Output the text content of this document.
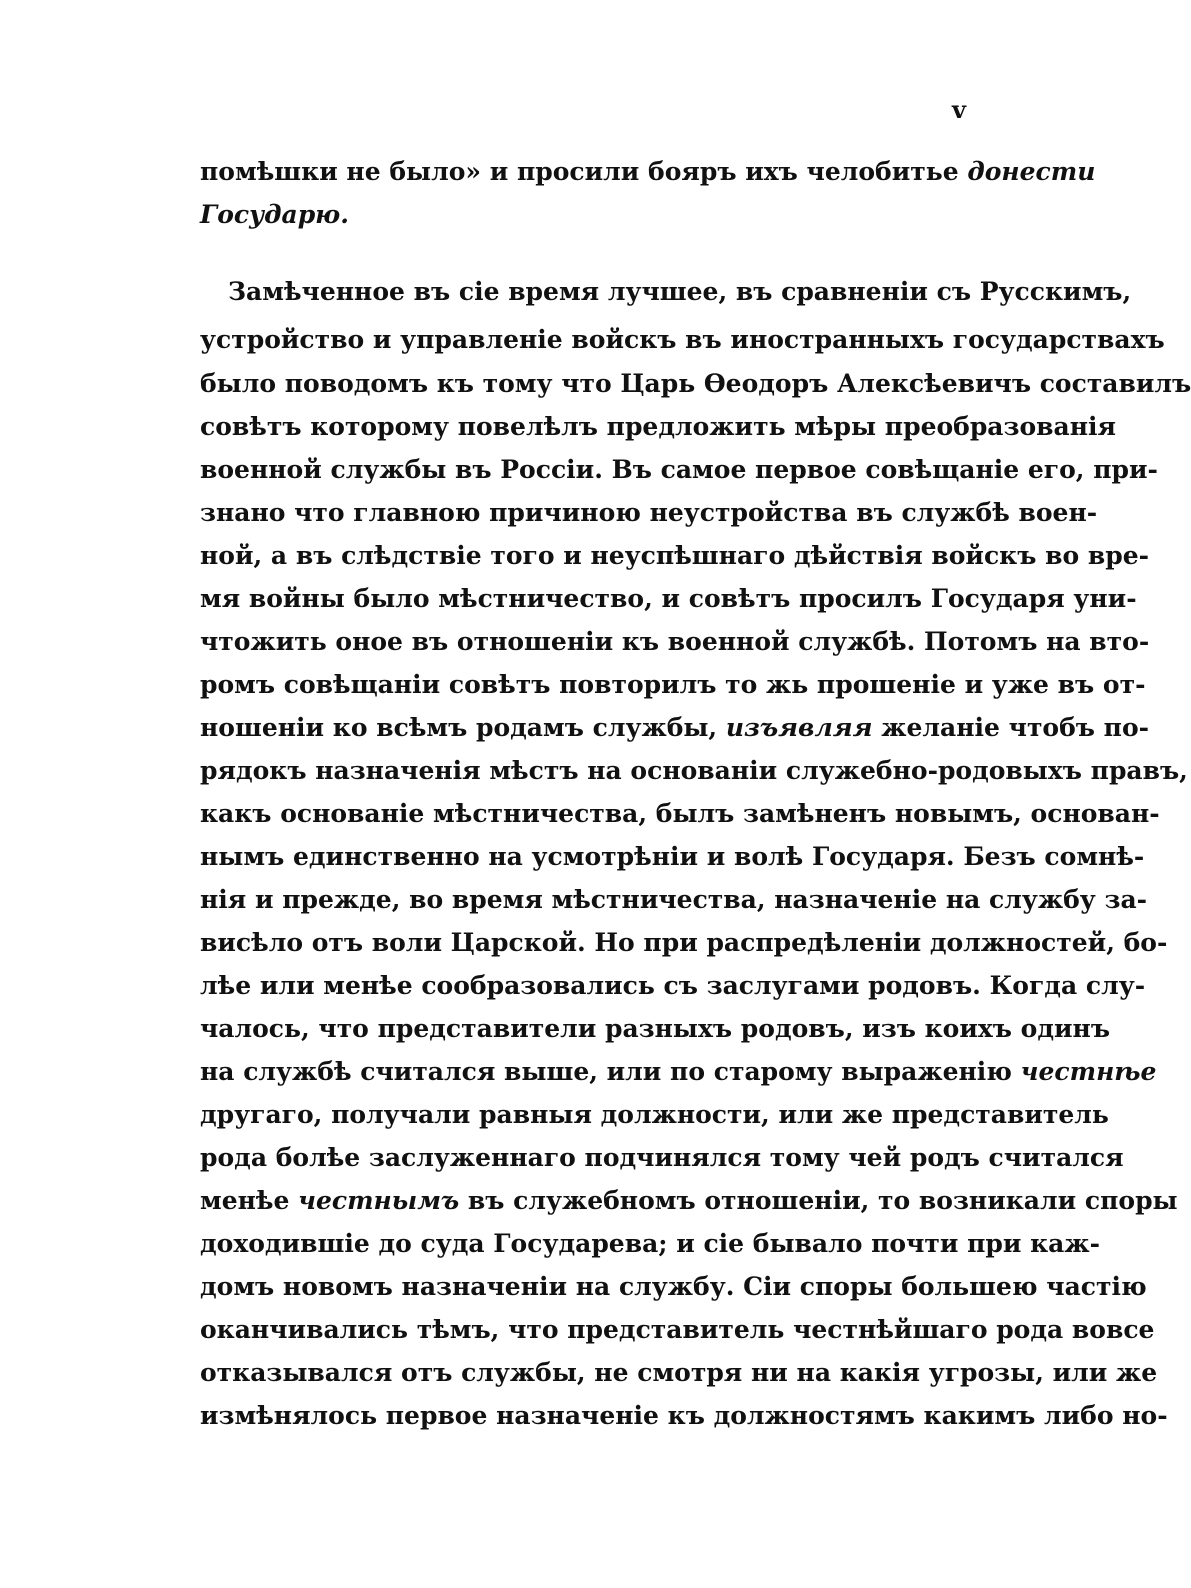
v
помѣшки не было» и просили бояръ ихъ челобитье донести
Государю.
Замѣченное въ сіе время лучшее, въ сравненіи съ Русскимъ,
устройство и управленіе войскъ въ иностранныхъ государствахъ
было поводомъ къ тому что Царь Ѳеодоръ Алексѣевичъ составилъ
совѣтъ которому повелѣлъ предложить мѣры преобразованія
военной службы въ Россіи. Въ самое первое совѣщаніе его, при-
знано что главною причиною неустройства въ службѣ воен-
ной, а въ слѣдствіе того и неуспѣшнаго дѣйствія войскъ во вре-
мя войны было мѣстничество, и совѣтъ просилъ Государя уни-
чтожить оное въ отношеніи къ военной службѣ. Потомъ на вто-
ромъ совѣщаніи совѣтъ повторилъ то жь прошеніе и уже въ от-
ношеніи ко всѣмъ родамъ службы, изъявляя желаніе чтобъ по-
рядокъ назначенія мѣстъ на основаніи служебно-родовыхъ правъ,
какъ основаніе мѣстничества, былъ замѣненъ новымъ, основан-
нымъ единственно на усмотрѣніи и волѣ Государя. Безъ сомнѣ-
нія и прежде, во время мѣстничества, назначеніе на службу за-
висѣло отъ воли Царской. Но при распредѣленіи должностей, бо-
лѣе или менѣе сообразовались съ заслугами родовъ. Когда слу-
чалось, что представители разныхъ родовъ, изъ коихъ одинъ
на службѣ считался выше, или по старому выраженію честнѣе
другаго, получали равныя должности, или же представитель
рода болѣе заслуженнаго подчинялся тому чей родъ считался
менѣе честнымъ въ служебномъ отношеніи, то возникали споры
доходившіе до суда Государева; и сіе бывало почти при каж-
домъ новомъ назначеніи на службу. Сіи споры большею частію
оканчивались тѣмъ, что представитель честнѣйшаго рода вовсе
отказывался отъ службы, не смотря ни на какія угрозы, или же
измѣнялось первое назначеніе къ должностямъ какимъ либо но-
